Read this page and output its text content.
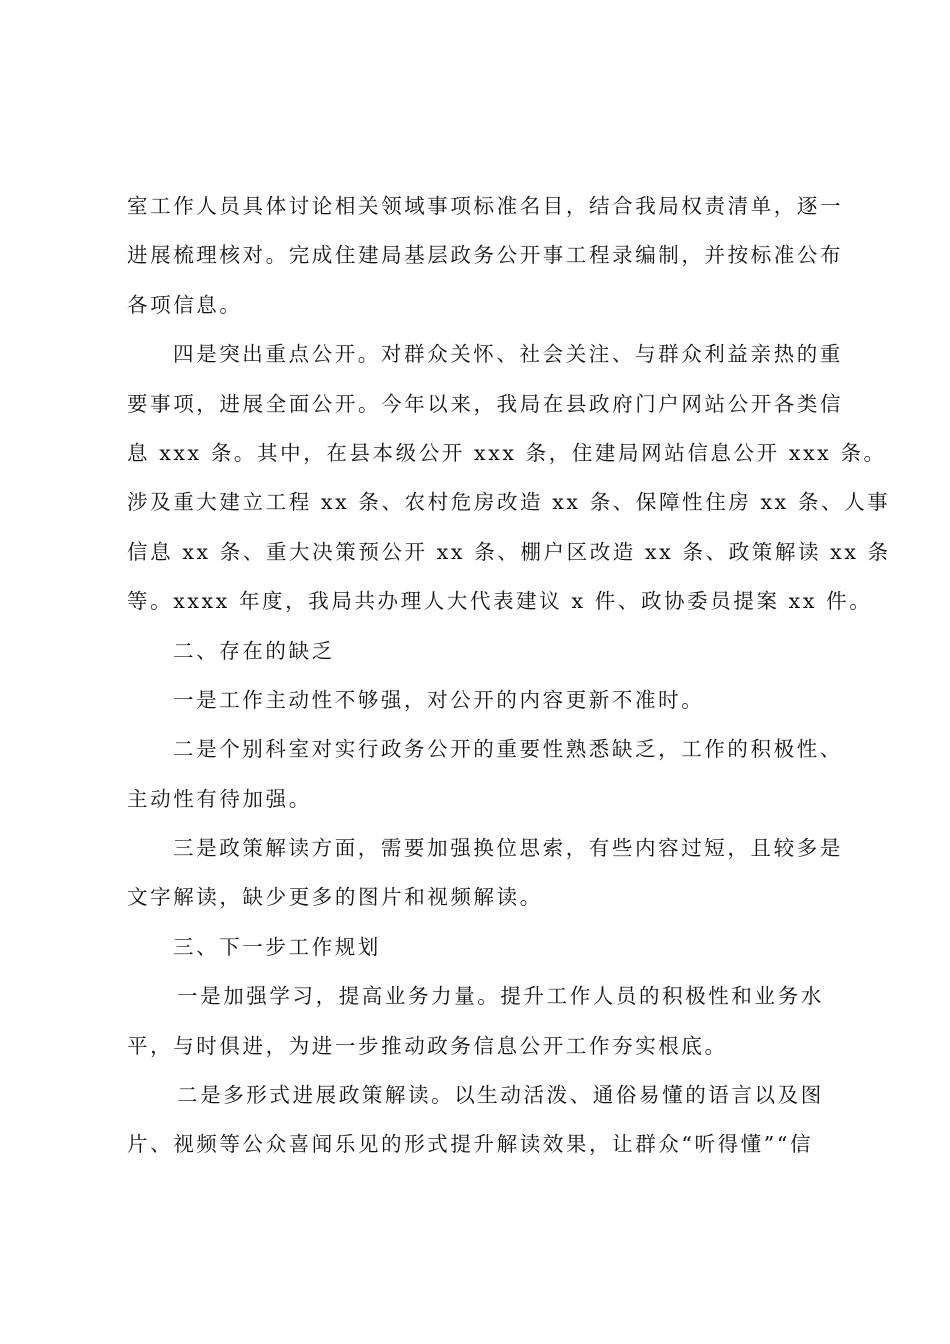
室工作人员具体讨论相关领域事项标准名目，结合我局权责清单，逐一
进展梳理核对。完成住建局基层政务公开事工程录编制，并按标准公布
各项信息。
四是突出重点公开。对群众关怀、社会关注、与群众利益亲热的重
要事项，进展全面公开。今年以来，我局在县政府门户网站公开各类信
息 xxx 条。其中，在县本级公开 xxx 条，住建局网站信息公开 xxx 条。
涉及重大建立工程 xx 条、农村危房改造 xx 条、保障性住房 xx 条、人事
信息 xx 条、重大决策预公开 xx 条、棚户区改造 xx 条、政策解读 xx 条
等。xxxx 年度，我局共办理人大代表建议 x 件、政协委员提案 xx 件。
二、存在的缺乏
一是工作主动性不够强，对公开的内容更新不准时。
二是个别科室对实行政务公开的重要性熟悉缺乏，工作的积极性、
主动性有待加强。
三是政策解读方面，需要加强换位思索，有些内容过短，且较多是
文字解读，缺少更多的图片和视频解读。
三、下一步工作规划
一是加强学习，提高业务力量。提升工作人员的积极性和业务水
平，与时俱进，为进一步推动政务信息公开工作夯实根底。
二是多形式进展政策解读。以生动活泼、通俗易懂的语言以及图
片、视频等公众喜闻乐见的形式提升解读效果，让群众“听得懂”“信
